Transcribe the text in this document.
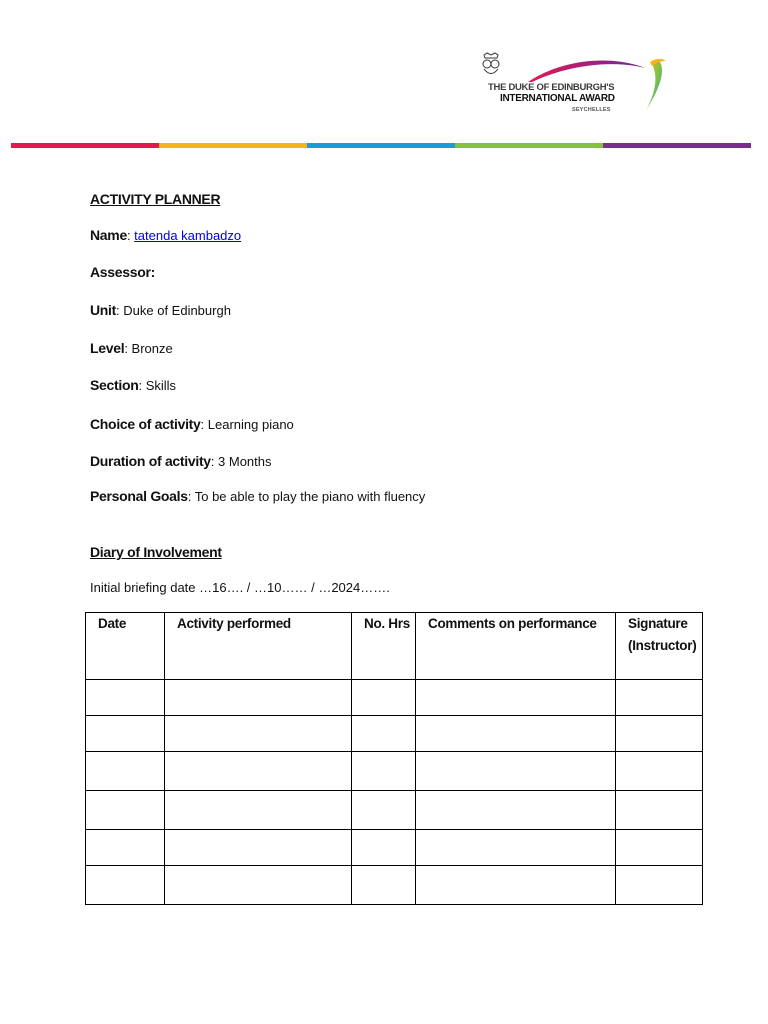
THE DUKE OF EDINBURGH'S
INTERNATIONAL AWARD
SEYCHELLES
ACTIVITY PLANNER
Name: tatenda kambadzo
Assessor:
Unit: Duke of Edinburgh
Level: Bronze
Section: Skills
Choice of activity: Learning piano
Duration of activity: 3 Months
Personal Goals: To be able to play the piano with fluency
Diary of Involvement
Initial briefing date …16…. / …10…… / …2024…….
Date	Activity performed	No. Hrs	Comments on performance	Signature (Instructor)
